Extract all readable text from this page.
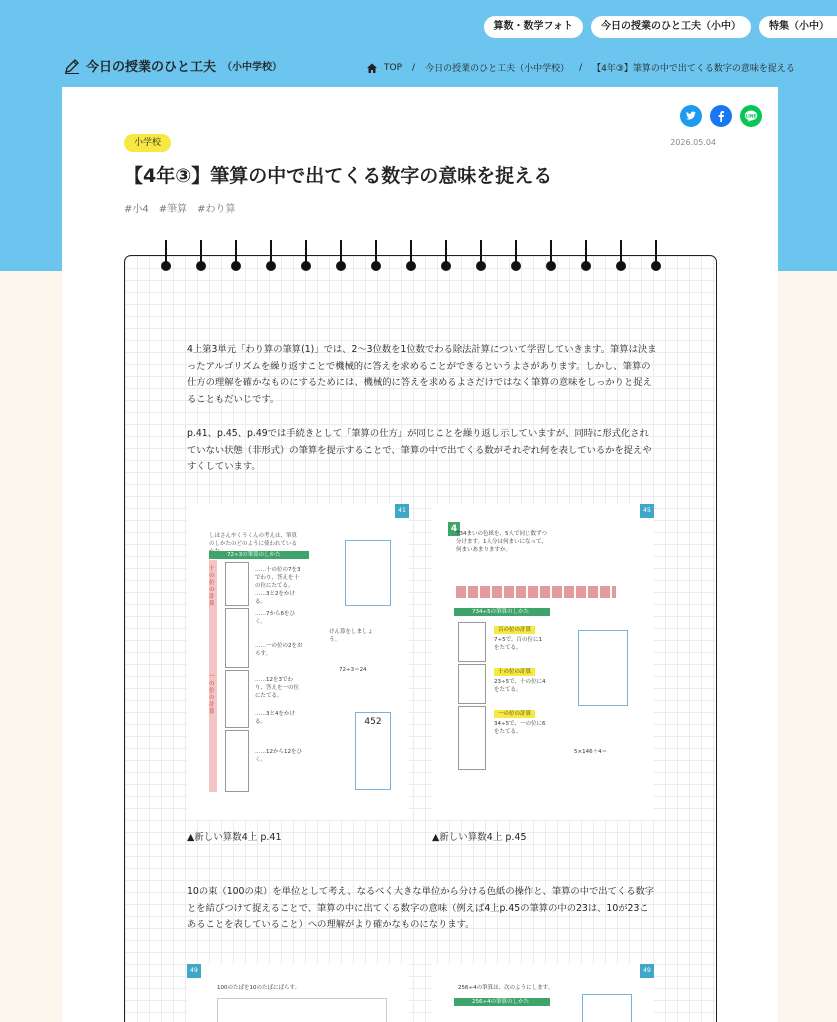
算数・数学フォト	今日の授業のひと工夫（小中）	特集（小中）
今日の授業のひと工夫 （小中学校）	TOP / 今日の授業のひと工夫（小中学校） / 【4年③】筆算の中で出てくる数字の意味を捉える
LINE
小学校	2026.05.04
【4年③】筆算の中で出てくる数字の意味を捉える
#小4 #筆算 #わり算

4上第3単元「わり算の筆算(1)」では、2〜3位数を1位数でわる除法計算について学習していきます。筆算は決まったアルゴリズムを繰り返すことで機械的に答えを求めることができるというよさがあります。しかし、筆算の仕方の理解を確かなものにするためには、機械的に答えを求めるよさだけではなく筆算の意味をしっかりと捉えることもだいじです。

p.41、p.45、p.49では手続きとして「筆算の仕方」が同じことを繰り返し示していますが、同時に形式化されていない状態（非形式）の筆算を提示することで、筆算の中で出てくる数がそれぞれ何を表しているかを捉えやすくしています。

41
しほさんやくうくんの考えは、筆算のしかたのどのように使われている
72÷3の筆算のしかた
十の位の計算
一の位の計算
……十の位の7を3でわり、答えを十の位にたてる。
……3と2をかける。
……7から6をひく。
……一の位の2をおろす。
……12を3でわり、答えを一の位にたてる。
……3と4をかける。
……12から12をひく。
けん算をしましょう。
72÷3＝24
452
▲新しい算数4上 p.41
45
4
734まいの色紙を、5人で同じ数ずつ分けます。1人分は何まいになって、何まいあまりますか。
734÷5の筆算のしかた
百の位の計算
7÷5で、百の位に1をたてる。
十の位の計算
23÷5で、十の位に4をたてる。
一の位の計算
34÷5で、一の位に6をたてる。
5×146＋4＝
▲新しい算数4上 p.45

10の束（100の束）を単位として考え、なるべく大きな単位から分ける色紙の操作と、筆算の中で出てくる数字とを結びつけて捉えることで、筆算の中に出てくる数字の意味（例えば4上p.45の筆算の中の23は、10が23こあることを表していること）への理解がより確かなものになります。

49
100のたばを10のたばにばらす。
49
256÷4の筆算は、次のようにします。
256÷4の筆算のしかた
